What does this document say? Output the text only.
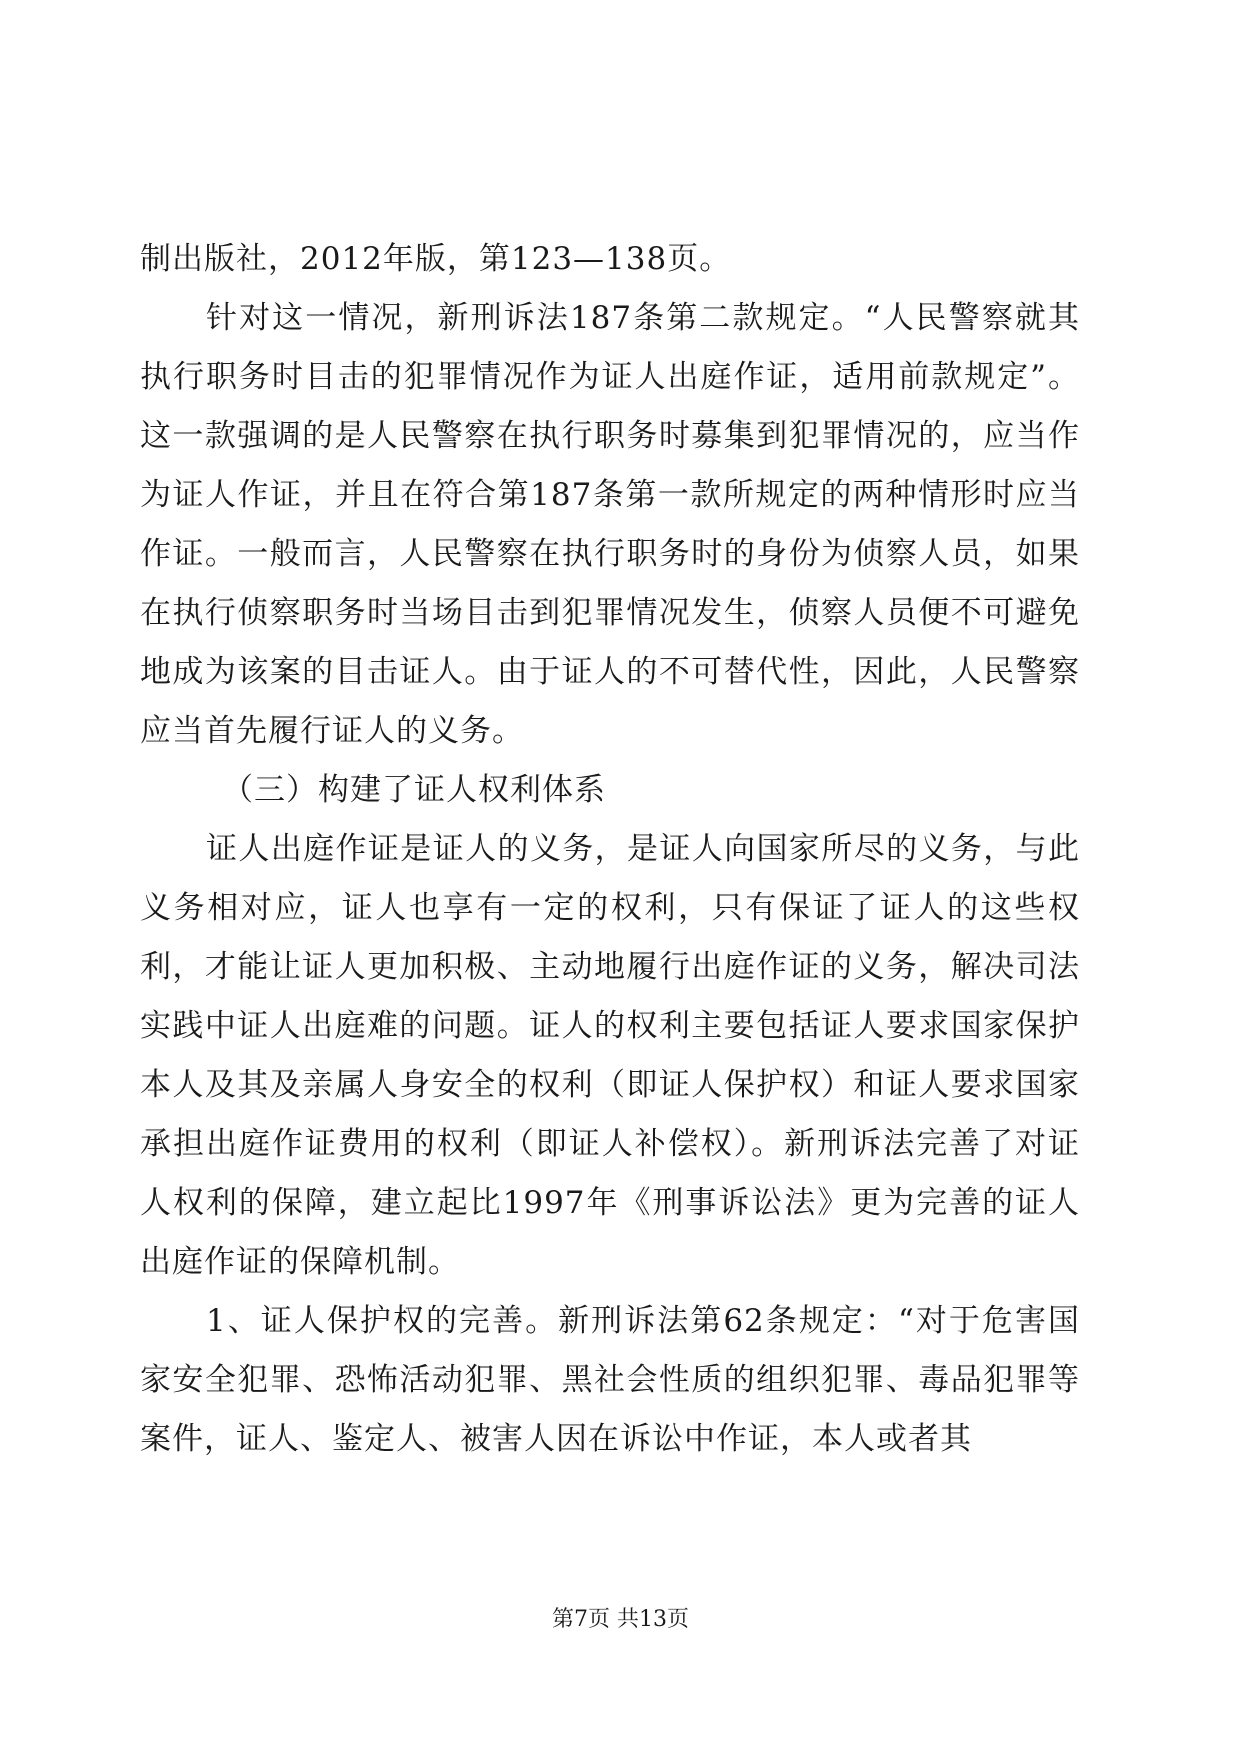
制出版社，2012年版，第123—138页。

针对这一情况，新刑诉法187条第二款规定。“人民警察就其执行职务时目击的犯罪情况作为证人出庭作证，适用前款规定”。这一款强调的是人民警察在执行职务时募集到犯罪情况的，应当作为证人作证，并且在符合第187条第一款所规定的两种情形时应当作证。一般而言，人民警察在执行职务时的身份为侦察人员，如果在执行侦察职务时当场目击到犯罪情况发生，侦察人员便不可避免地成为该案的目击证人。由于证人的不可替代性，因此，人民警察应当首先履行证人的义务。

（三）构建了证人权利体系

证人出庭作证是证人的义务，是证人向国家所尽的义务，与此义务相对应，证人也享有一定的权利，只有保证了证人的这些权利，才能让证人更加积极、主动地履行出庭作证的义务，解决司法实践中证人出庭难的问题。证人的权利主要包括证人要求国家保护本人及其及亲属人身安全的权利（即证人保护权）和证人要求国家承担出庭作证费用的权利（即证人补偿权）。新刑诉法完善了对证人权利的保障，建立起比1997年《刑事诉讼法》更为完善的证人出庭作证的保障机制。

1、证人保护权的完善。新刑诉法第62条规定：“对于危害国家安全犯罪、恐怖活动犯罪、黑社会性质的组织犯罪、毒品犯罪等案件，证人、鉴定人、被害人因在诉讼中作证，本人或者其

第7页 共13页
